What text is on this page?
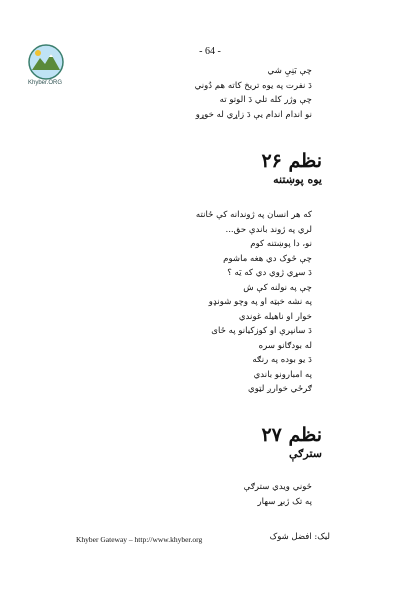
- 64 -
Khyber.ORG
چې بَنِيِ شي
دَ نفرت په يوه تريخ کاته هم دُوني
چې وژر کله تلي دَ الوتو ته
نو اندام اندام يې دَ زاړي له خوړو
نظم ۲۶
يوه پوښتنه
که هر انسان په ژوندانه کې ځانته
لري په ژوند باندې حق...
نو، دا پوښتنه کوم
چې څوک دي هغه ماشوم
دَ سړي ژوي دي که يَه ؟
چې په نولنه کې ش
په نشه خېټه او په وچو شونډو
خوار او ناهيله غوندي
دَ سانپرې او کوزکيانو په ځای
له بودګانو سره
دَ يو بوده په رنګه
په امبارونو باندي
ګرځي خوارږ لټوي
نظم ۲۷
سترګې
څوني ويدي سترګې
په تک ژبړ سهار
Khyber Gateway – http://www.khyber.org	ليک: افضل شوک
